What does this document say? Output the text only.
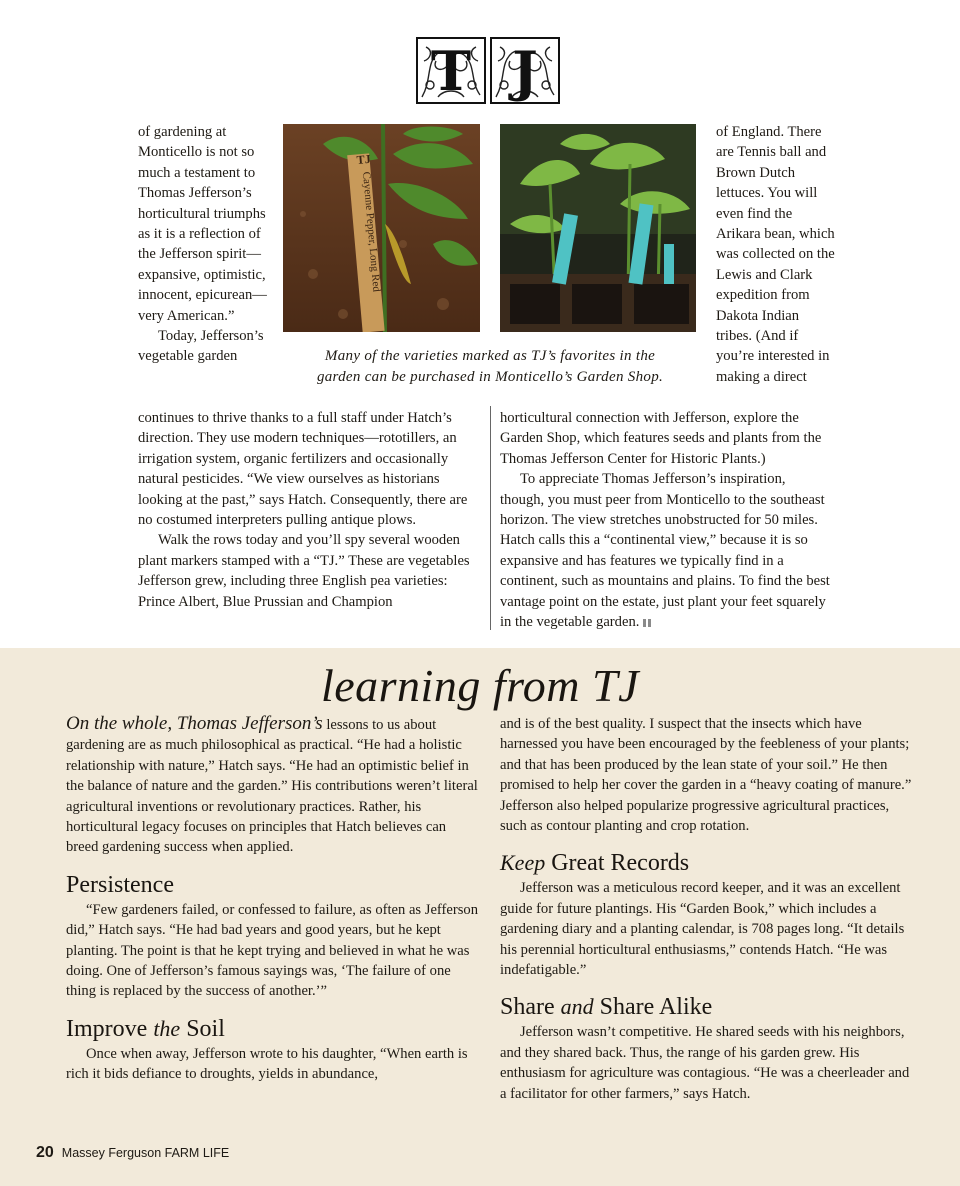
T J

of gardening at Monticello is not so much a testament to Thomas Jefferson’s horticultural triumphs as it is a reflection of the Jefferson spirit—expansive, optimistic, innocent, epicurean—very American.”

Today, Jefferson’s vegetable garden

Cayenne Pepper, Long Red
TJ

of England. There are Tennis ball and Brown Dutch lettuces. You will even find the Arikara bean, which was collected on the Lewis and Clark expedition from Dakota Indian tribes. (And if you’re interested in making a direct

Many of the varieties marked as TJ’s favorites in the
garden can be purchased in Monticello’s Garden Shop.

continues to thrive thanks to a full staff under Hatch’s direction. They use modern techniques—rototillers, an irrigation system, organic fertilizers and occasionally natural pesticides. “We view ourselves as historians looking at the past,” says Hatch. Consequently, there are no costumed interpreters pulling antique plows.

Walk the rows today and you’ll spy several wooden plant markers stamped with a “TJ.” These are vegetables Jefferson grew, including three English pea varieties: Prince Albert, Blue Prussian and Champion

horticultural connection with Jefferson, explore the Garden Shop, which features seeds and plants from the Thomas Jefferson Center for Historic Plants.)

To appreciate Thomas Jefferson’s inspiration, though, you must peer from Monticello to the southeast horizon. The view stretches unobstructed for 50 miles. Hatch calls this a “continental view,” because it is so expansive and has features we typically find in a continent, such as mountains and plains. To find the best vantage point on the estate, just plant your feet squarely in the vegetable garden.

learning from TJ

On the whole, Thomas Jefferson’s lessons to us about gardening are as much philosophical as practical. “He had a holistic relationship with nature,” Hatch says. “He had an optimistic belief in the balance of nature and the garden.” His contributions weren’t literal agricultural inventions or revolutionary practices. Rather, his horticultural legacy focuses on principles that Hatch believes can breed gardening success when applied.

Persistence

“Few gardeners failed, or confessed to failure, as often as Jefferson did,” Hatch says. “He had bad years and good years, but he kept planting. The point is that he kept trying and believed in what he was doing. One of Jefferson’s famous sayings was, ‘The failure of one thing is replaced by the success of another.’”

Improve the Soil

Once when away, Jefferson wrote to his daughter, “When earth is rich it bids defiance to droughts, yields in abundance,

and is of the best quality. I suspect that the insects which have harnessed you have been encouraged by the feebleness of your plants; and that has been produced by the lean state of your soil.” He then promised to help her cover the garden in a “heavy coating of manure.” Jefferson also helped popularize progressive agricultural practices, such as contour planting and crop rotation.

Keep Great Records

Jefferson was a meticulous record keeper, and it was an excellent guide for future plantings. His “Garden Book,” which includes a gardening diary and a planting calendar, is 708 pages long. “It details his perennial horticultural enthusiasms,” contends Hatch. “He was indefatigable.”

Share and Share Alike

Jefferson wasn’t competitive. He shared seeds with his neighbors, and they shared back. Thus, the range of his garden grew. His enthusiasm for agriculture was contagious. “He was a cheerleader and a facilitator for other farmers,” says Hatch.

20 Massey Ferguson FARM LIFE
